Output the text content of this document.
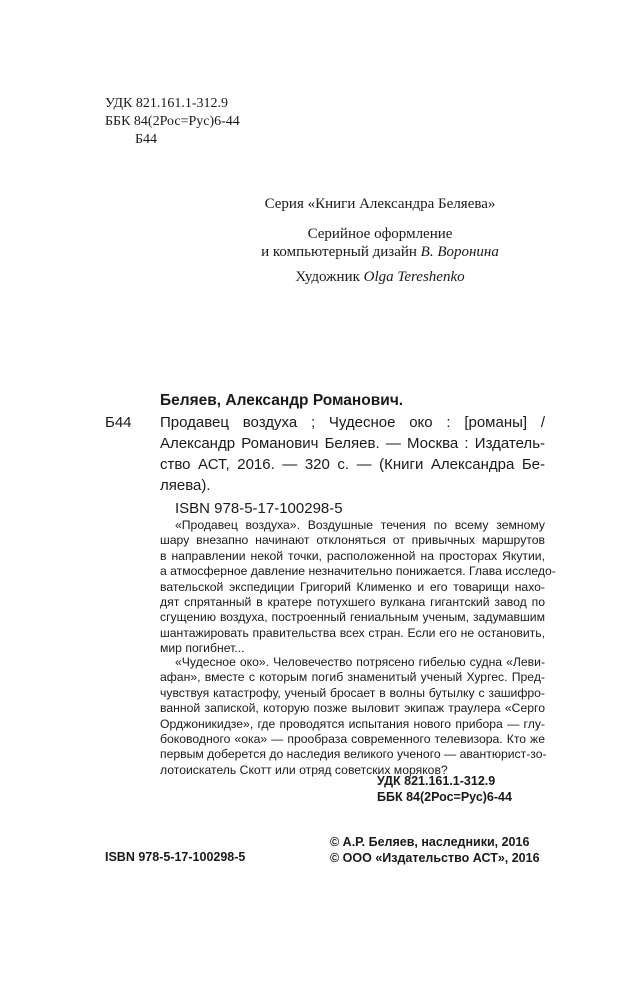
УДК 821.161.1-312.9
ББК 84(2Рос=Рус)6-44
Б44
Серия «Книги Александра Беляева»
Серийное оформление
и компьютерный дизайн В. Воронина
Художник Olga Tereshenko
Беляев, Александр Романович.
Б44 Продавец воздуха ; Чудесное око : [романы] /
Александр Романович Беляев. — Москва : Издатель-
ство АСТ, 2016. — 320 с. — (Книги Александра Бе-
ляева).
ISBN 978-5-17-100298-5
«Продавец воздуха». Воздушные течения по всему земному
шару внезапно начинают отклоняться от привычных маршрутов
в направлении некой точки, расположенной на просторах Якутии,
а атмосферное давление незначительно понижается. Глава исследо-
вательской экспедиции Григорий Клименко и его товарищи нахо-
дят спрятанный в кратере потухшего вулкана гигантский завод по
сгущению воздуха, построенный гениальным ученым, задумавшим
шантажировать правительства всех стран. Если его не остановить,
мир погибнет...
«Чудесное око». Человечество потрясено гибелью судна «Леви-
афан», вместе с которым погиб знаменитый ученый Хургес. Пред-
чувствуя катастрофу, ученый бросает в волны бутылку с зашифро-
ванной запиской, которую позже выловит экипаж траулера «Серго
Орджоникидзе», где проводятся испытания нового прибора — глу-
боководного «ока» — прообраза современного телевизора. Кто же
первым доберется до наследия великого ученого — авантюрист-зо-
лотоискатель Скотт или отряд советских моряков?
УДК 821.161.1-312.9
ББК 84(2Рос=Рус)6-44
ISBN 978-5-17-100298-5
© А.Р. Беляев, наследники, 2016
© ООО «Издательство АСТ», 2016
